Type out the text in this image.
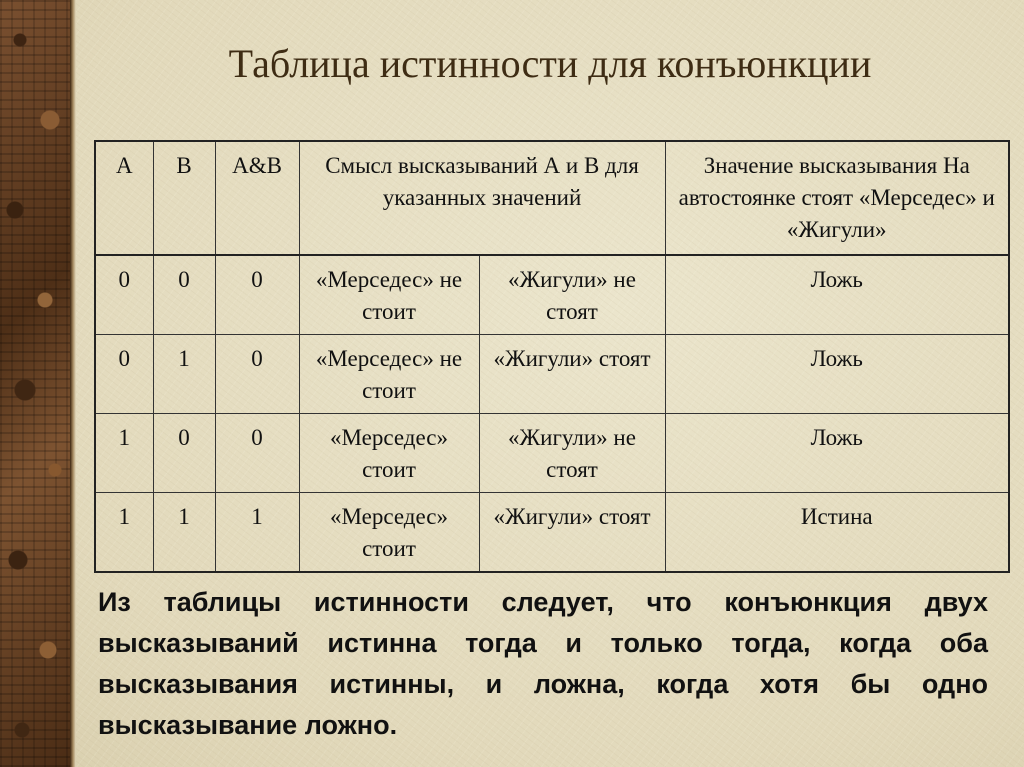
Таблица истинности для конъюнкции
A	B	A&B	Смысл высказываний А и В для указанных значений		Значение высказывания На автостоянке стоят «Мерседес» и «Жигули»
0	0	0	«Мерседес» не стоит	«Жигули» не стоят	Ложь
0	1	0	«Мерседес» не стоит	«Жигули» стоят	Ложь
1	0	0	«Мерседес» стоит	«Жигули» не стоят	Ложь
1	1	1	«Мерседес» стоит	«Жигули» стоят	Истина

Из таблицы истинности следует, что конъюнкция двух высказываний истинна тогда и только тогда, когда оба высказывания истинны, и ложна, когда хотя бы одно высказывание ложно.
